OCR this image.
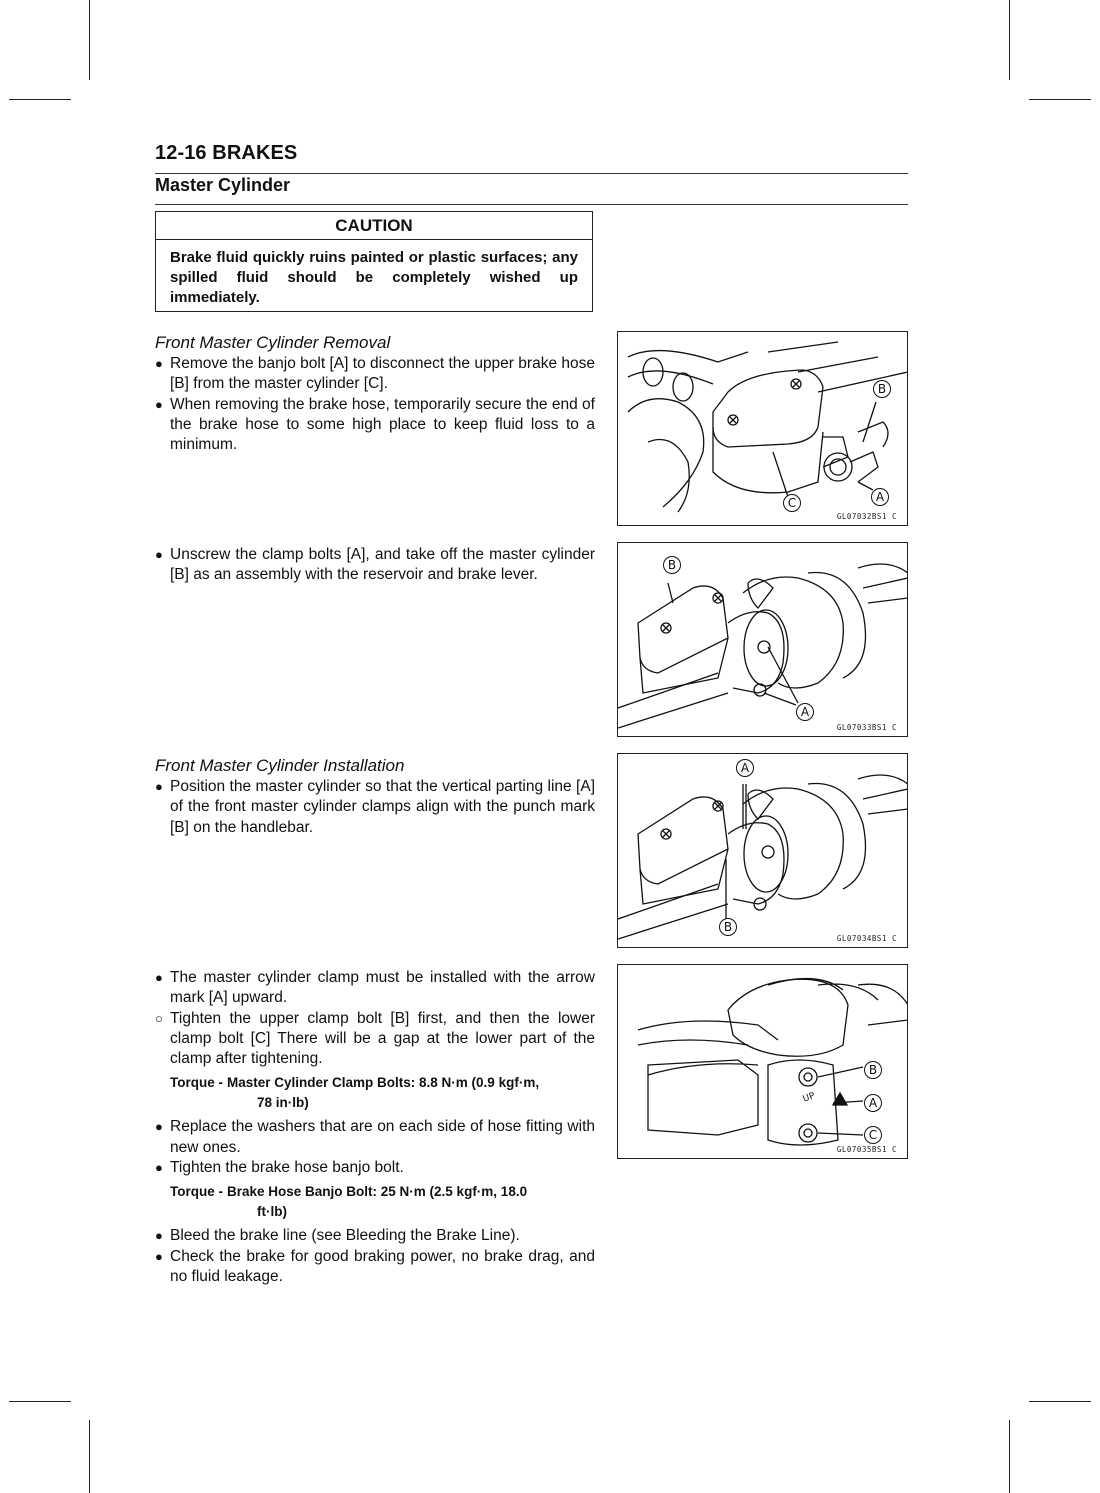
12-16 BRAKES
Master Cylinder
CAUTION
Brake fluid quickly ruins painted or plastic surfaces; any spilled fluid should be completely wished up immediately.
Front Master Cylinder Removal
● Remove the banjo bolt [A] to disconnect the upper brake hose [B] from the master cylinder [C].
● When removing the brake hose, temporarily secure the end of the brake hose to some high place to keep fluid loss to a minimum.
● Unscrew the clamp bolts [A], and take off the master cylinder [B] as an assembly with the reservoir and brake lever.
Front Master Cylinder Installation
● Position the master cylinder so that the vertical parting line [A] of the front master cylinder clamps align with the punch mark [B] on the handlebar.
● The master cylinder clamp must be installed with the arrow mark [A] upward.
○ Tighten the upper clamp bolt [B] first, and then the lower clamp bolt [C] There will be a gap at the lower part of the clamp after tightening.
Torque - Master Cylinder Clamp Bolts: 8.8 N·m (0.9 kgf·m,
78 in·lb)
● Replace the washers that are on each side of hose fitting with new ones.
● Tighten the brake hose banjo bolt.
Torque - Brake Hose Banjo Bolt: 25 N·m (2.5 kgf·m, 18.0
ft·lb)
● Bleed the brake line (see Bleeding the Brake Line).
● Check the brake for good braking power, no brake drag, and no fluid leakage.
B
C	A
GL07032BS1 C
B
A
GL07033BS1 C
A
B
GL07034BS1 C
UP
B
A
C
GL07035BS1 C
